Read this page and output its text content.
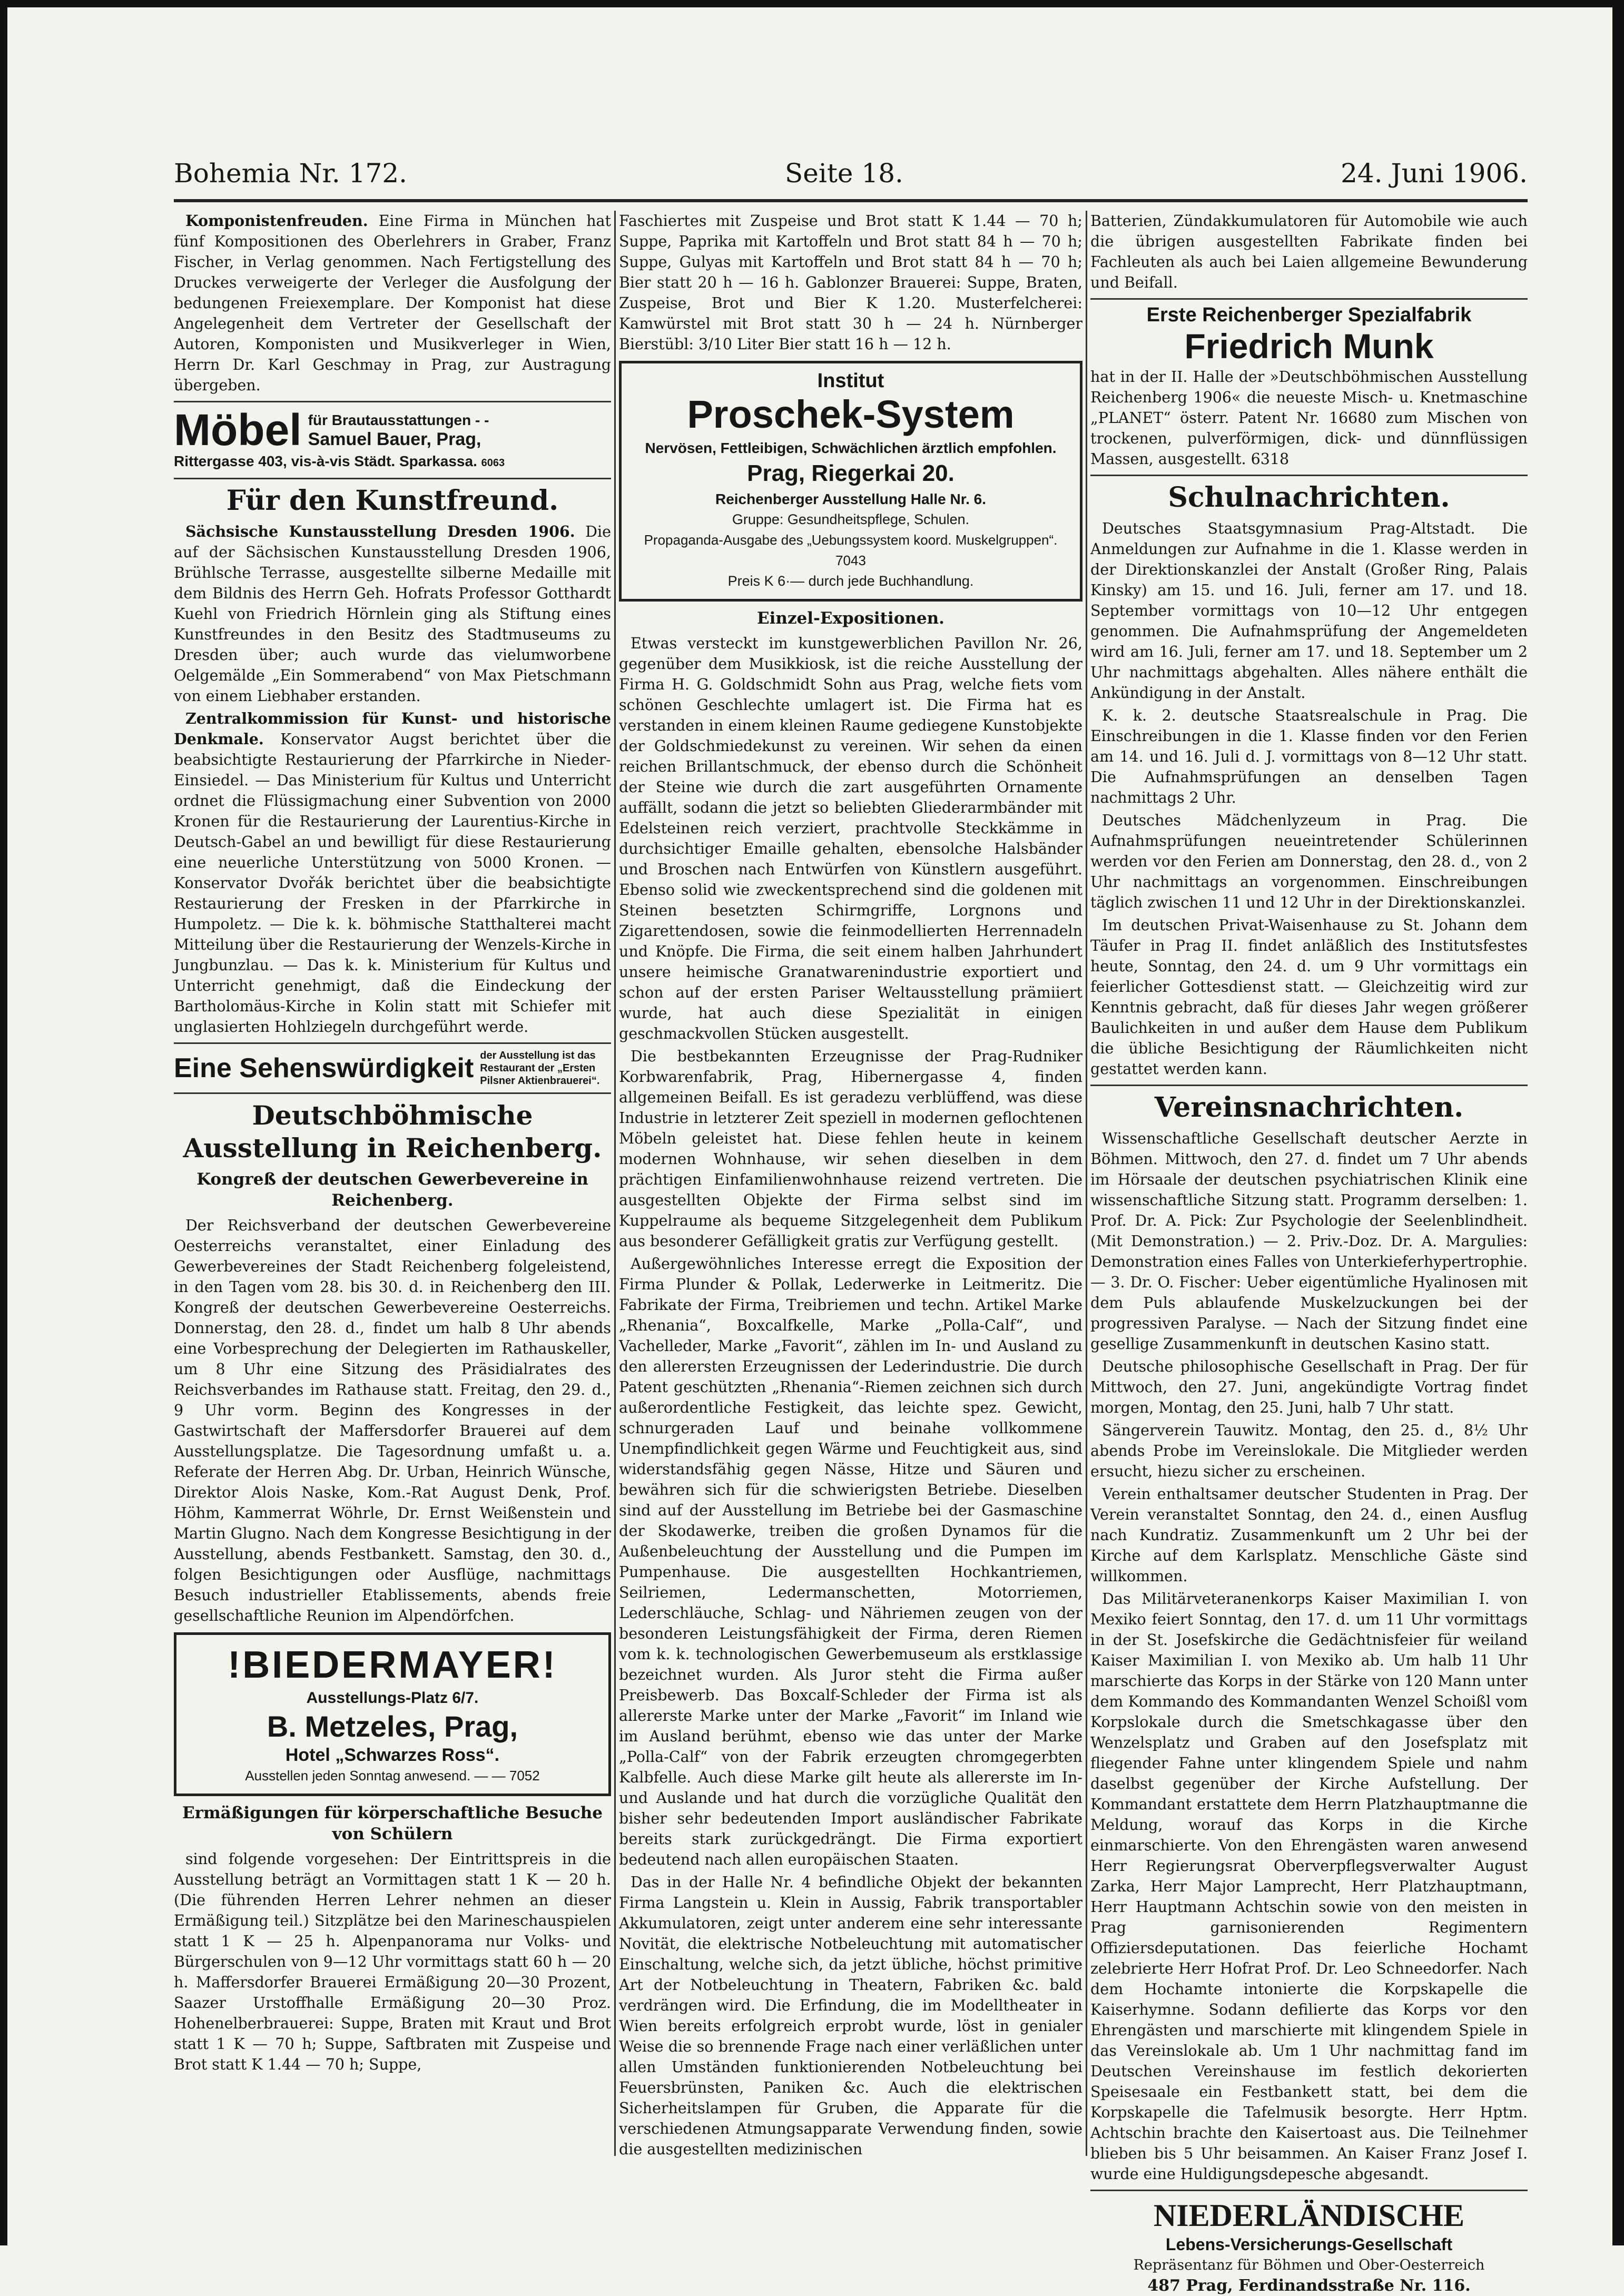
Bohemia Nr. 172.	Seite 18.	24. Juni 1906.

Komponistenfreuden. Eine Firma in München hat fünf Kompositionen des Oberlehrers in Graber, Franz Fischer, in Verlag genommen. Nach Fertigstellung des Druckes verweigerte der Verleger die Ausfolgung der bedungenen Freiexemplare. Der Komponist hat diese Angelegenheit dem Vertreter der Gesellschaft der Autoren, Komponisten und Musikverleger in Wien, Herrn Dr. Karl Geschmay in Prag, zur Austragung übergeben.

Möbel für Brautausstattungen - -
Samuel Bauer, Prag,
Rittergasse 403, vis-à-vis Städt. Sparkassa. 6063
Für den Kunstfreund.

Sächsische Kunstausstellung Dresden 1906. Die auf der Sächsischen Kunstausstellung Dresden 1906, Brühlsche Terrasse, ausgestellte silberne Medaille mit dem Bildnis des Herrn Geh. Hofrats Professor Gotthardt Kuehl von Friedrich Hörnlein ging als Stiftung eines Kunstfreundes in den Besitz des Stadtmuseums zu Dresden über; auch wurde das vielumworbene Oelgemälde „Ein Sommerabend“ von Max Pietschmann von einem Liebhaber erstanden.

Zentralkommission für Kunst- und historische Denkmale. Konservator Augst berichtet über die beabsichtigte Restaurierung der Pfarrkirche in Nieder-Einsiedel. — Das Ministerium für Kultus und Unterricht ordnet die Flüssigmachung einer Subvention von 2000 Kronen für die Restaurierung der Laurentius-Kirche in Deutsch-Gabel an und bewilligt für diese Restaurierung eine neuerliche Unterstützung von 5000 Kronen. — Konservator Dvořák berichtet über die beabsichtigte Restaurierung der Fresken in der Pfarrkirche in Humpoletz. — Die k. k. böhmische Statthalterei macht Mitteilung über die Restaurierung der Wenzels-Kirche in Jungbunzlau. — Das k. k. Ministerium für Kultus und Unterricht genehmigt, daß die Eindeckung der Bartholomäus-Kirche in Kolin statt mit Schiefer mit unglasierten Hohlziegeln durchgeführt werde.

Eine Sehenswürdigkeit der Ausstellung ist das Restaurant der „Ersten Pilsner Aktienbrauerei“.
Deutschböhmische Ausstellung in Reichenberg.
Kongreß der deutschen Gewerbevereine in Reichenberg.

Der Reichsverband der deutschen Gewerbevereine Oesterreichs veranstaltet, einer Einladung des Gewerbevereines der Stadt Reichenberg folgeleistend, in den Tagen vom 28. bis 30. d. in Reichenberg den III. Kongreß der deutschen Gewerbevereine Oesterreichs. Donnerstag, den 28. d., findet um halb 8 Uhr abends eine Vorbesprechung der Delegierten im Rathauskeller, um 8 Uhr eine Sitzung des Präsidialrates des Reichsverbandes im Rathause statt. Freitag, den 29. d., 9 Uhr vorm. Beginn des Kongresses in der Gastwirtschaft der Maffersdorfer Brauerei auf dem Ausstellungsplatze. Die Tagesordnung umfaßt u. a. Referate der Herren Abg. Dr. Urban, Heinrich Wünsche, Direktor Alois Naske, Kom.-Rat August Denk, Prof. Höhm, Kammerrat Wöhrle, Dr. Ernst Weißenstein und Martin Glugno. Nach dem Kongresse Besichtigung in der Ausstellung, abends Festbankett. Samstag, den 30. d., folgen Besichtigungen oder Ausflüge, nachmittags Besuch industrieller Etablissements, abends freie gesellschaftliche Reunion im Alpendörfchen.

!BIEDERMAYER!
Ausstellungs-Platz 6/7.
B. Metzeles, Prag,
Hotel „Schwarzes Ross“.
Ausstellen jeden Sonntag anwesend. — — 7052
Ermäßigungen für körperschaftliche Besuche von Schülern

sind folgende vorgesehen: Der Eintrittspreis in die Ausstellung beträgt an Vormittagen statt 1 K — 20 h. (Die führenden Herren Lehrer nehmen an dieser Ermäßigung teil.) Sitzplätze bei den Marineschauspielen statt 1 K — 25 h. Alpenpanorama nur Volks- und Bürgerschulen von 9—12 Uhr vormittags statt 60 h — 20 h. Maffersdorfer Brauerei Ermäßigung 20—30 Prozent, Saazer Urstoffhalle Ermäßigung 20—30 Proz. Hohenelberbrauerei: Suppe, Braten mit Kraut und Brot statt 1 K — 70 h; Suppe, Saftbraten mit Zuspeise und Brot statt K 1.44 — 70 h; Suppe,

Faschiertes mit Zuspeise und Brot statt K 1.44 — 70 h; Suppe, Paprika mit Kartoffeln und Brot statt 84 h — 70 h; Suppe, Gulyas mit Kartoffeln und Brot statt 84 h — 70 h; Bier statt 20 h — 16 h. Gablonzer Brauerei: Suppe, Braten, Zuspeise, Brot und Bier K 1.20. Musterfelcherei: Kamwürstel mit Brot statt 30 h — 24 h. Nürnberger Bierstübl: 3/10 Liter Bier statt 16 h — 12 h.

Institut
Proschek-System
Nervösen, Fettleibigen, Schwächlichen ärztlich empfohlen.
Prag, Riegerkai 20.
Reichenberger Ausstellung Halle Nr. 6.
Gruppe: Gesundheitspflege, Schulen.
Propaganda-Ausgabe des „Uebungssystem koord. Muskelgruppen“. 7043
Preis K 6·— durch jede Buchhandlung.
Einzel-Expositionen.

Etwas versteckt im kunstgewerblichen Pavillon Nr. 26, gegenüber dem Musikkiosk, ist die reiche Ausstellung der Firma H. G. Goldschmidt Sohn aus Prag, welche fiets vom schönen Geschlechte umlagert ist. Die Firma hat es verstanden in einem kleinen Raume gediegene Kunstobjekte der Goldschmiedekunst zu vereinen. Wir sehen da einen reichen Brillantschmuck, der ebenso durch die Schönheit der Steine wie durch die zart ausgeführten Ornamente auffällt, sodann die jetzt so beliebten Gliederarmbänder mit Edelsteinen reich verziert, prachtvolle Steckkämme in durchsichtiger Emaille gehalten, ebensolche Halsbänder und Broschen nach Entwürfen von Künstlern ausgeführt. Ebenso solid wie zweckentsprechend sind die goldenen mit Steinen besetzten Schirmgriffe, Lorgnons und Zigarettendosen, sowie die feinmodellierten Herrennadeln und Knöpfe. Die Firma, die seit einem halben Jahrhundert unsere heimische Granatwarenindustrie exportiert und schon auf der ersten Pariser Weltausstellung prämiiert wurde, hat auch diese Spezialität in einigen geschmackvollen Stücken ausgestellt.

Die bestbekannten Erzeugnisse der Prag-Rudniker Korbwarenfabrik, Prag, Hibernergasse 4, finden allgemeinen Beifall. Es ist geradezu verblüffend, was diese Industrie in letzterer Zeit speziell in modernen geflochtenen Möbeln geleistet hat. Diese fehlen heute in keinem modernen Wohnhause, wir sehen dieselben in dem prächtigen Einfamilienwohnhause reizend vertreten. Die ausgestellten Objekte der Firma selbst sind im Kuppelraume als bequeme Sitzgelegenheit dem Publikum aus besonderer Gefälligkeit gratis zur Verfügung gestellt.

Außergewöhnliches Interesse erregt die Exposition der Firma Plunder & Pollak, Lederwerke in Leitmeritz. Die Fabrikate der Firma, Treibriemen und techn. Artikel Marke „Rhenania“, Boxcalfkelle, Marke „Polla-Calf“, und Vachelleder, Marke „Favorit“, zählen im In- und Ausland zu den allerersten Erzeugnissen der Lederindustrie. Die durch Patent geschützten „Rhenania“-Riemen zeichnen sich durch außerordentliche Festigkeit, das leichte spez. Gewicht, schnurgeraden Lauf und beinahe vollkommene Unempfindlichkeit gegen Wärme und Feuchtigkeit aus, sind widerstandsfähig gegen Nässe, Hitze und Säuren und bewähren sich für die schwierigsten Betriebe. Dieselben sind auf der Ausstellung im Betriebe bei der Gasmaschine der Skodawerke, treiben die großen Dynamos für die Außenbeleuchtung der Ausstellung und die Pumpen im Pumpenhause. Die ausgestellten Hochkantriemen, Seilriemen, Ledermanschetten, Motorriemen, Lederschläuche, Schlag- und Nähriemen zeugen von der besonderen Leistungsfähigkeit der Firma, deren Riemen vom k. k. technologischen Gewerbemuseum als erstklassige bezeichnet wurden. Als Juror steht die Firma außer Preisbewerb. Das Boxcalf-Schleder der Firma ist als allererste Marke unter der Marke „Favorit“ im Inland wie im Ausland berühmt, ebenso wie das unter der Marke „Polla-Calf“ von der Fabrik erzeugten chromgegerbten Kalbfelle. Auch diese Marke gilt heute als allererste im In- und Auslande und hat durch die vorzügliche Qualität den bisher sehr bedeutenden Import ausländischer Fabrikate bereits stark zurückgedrängt. Die Firma exportiert bedeutend nach allen europäischen Staaten.

Das in der Halle Nr. 4 befindliche Objekt der bekannten Firma Langstein u. Klein in Aussig, Fabrik transportabler Akkumulatoren, zeigt unter anderem eine sehr interessante Novität, die elektrische Notbeleuchtung mit automatischer Einschaltung, welche sich, da jetzt übliche, höchst primitive Art der Notbeleuchtung in Theatern, Fabriken &c. bald verdrängen wird. Die Erfindung, die im Modelltheater in Wien bereits erfolgreich erprobt wurde, löst in genialer Weise die so brennende Frage nach einer verläßlichen unter allen Umständen funktionierenden Notbeleuchtung bei Feuersbrünsten, Paniken &c. Auch die elektrischen Sicherheitslampen für Gruben, die Apparate für die verschiedenen Atmungsapparate Verwendung finden, sowie die ausgestellten medizinischen

Batterien, Zündakkumulatoren für Automobile wie auch die übrigen ausgestellten Fabrikate finden bei Fachleuten als auch bei Laien allgemeine Bewunderung und Beifall.

Erste Reichenberger Spezialfabrik
Friedrich Munk

hat in der II. Halle der »Deutschböhmischen Ausstellung Reichenberg 1906« die neueste Misch- u. Knetmaschine „PLANET“ österr. Patent Nr. 16680 zum Mischen von trockenen, pulverförmigen, dick- und dünnflüssigen Massen, ausgestellt. 6318

Schulnachrichten.

Deutsches Staatsgymnasium Prag-Altstadt. Die Anmeldungen zur Aufnahme in die 1. Klasse werden in der Direktionskanzlei der Anstalt (Großer Ring, Palais Kinsky) am 15. und 16. Juli, ferner am 17. und 18. September vormittags von 10—12 Uhr entgegen genommen. Die Aufnahmsprüfung der Angemeldeten wird am 16. Juli, ferner am 17. und 18. September um 2 Uhr nachmittags abgehalten. Alles nähere enthält die Ankündigung in der Anstalt.

K. k. 2. deutsche Staatsrealschule in Prag. Die Einschreibungen in die 1. Klasse finden vor den Ferien am 14. und 16. Juli d. J. vormittags von 8—12 Uhr statt. Die Aufnahmsprüfungen an denselben Tagen nachmittags 2 Uhr.

Deutsches Mädchenlyzeum in Prag. Die Aufnahmsprüfungen neueintretender Schülerinnen werden vor den Ferien am Donnerstag, den 28. d., von 2 Uhr nachmittags an vorgenommen. Einschreibungen täglich zwischen 11 und 12 Uhr in der Direktionskanzlei.

Im deutschen Privat-Waisenhause zu St. Johann dem Täufer in Prag II. findet anläßlich des Institutsfestes heute, Sonntag, den 24. d. um 9 Uhr vormittags ein feierlicher Gottesdienst statt. — Gleichzeitig wird zur Kenntnis gebracht, daß für dieses Jahr wegen größerer Baulichkeiten in und außer dem Hause dem Publikum die übliche Besichtigung der Räumlichkeiten nicht gestattet werden kann.

Vereinsnachrichten.

Wissenschaftliche Gesellschaft deutscher Aerzte in Böhmen. Mittwoch, den 27. d. findet um 7 Uhr abends im Hörsaale der deutschen psychiatrischen Klinik eine wissenschaftliche Sitzung statt. Programm derselben: 1. Prof. Dr. A. Pick: Zur Psychologie der Seelenblindheit. (Mit Demonstration.) — 2. Priv.-Doz. Dr. A. Margulies: Demonstration eines Falles von Unterkieferhypertrophie. — 3. Dr. O. Fischer: Ueber eigentümliche Hyalinosen mit dem Puls ablaufende Muskelzuckungen bei der progressiven Paralyse. — Nach der Sitzung findet eine gesellige Zusammenkunft in deutschen Kasino statt.

Deutsche philosophische Gesellschaft in Prag. Der für Mittwoch, den 27. Juni, angekündigte Vortrag findet morgen, Montag, den 25. Juni, halb 7 Uhr statt.

Sängerverein Tauwitz. Montag, den 25. d., 8½ Uhr abends Probe im Vereinslokale. Die Mitglieder werden ersucht, hiezu sicher zu erscheinen.

Verein enthaltsamer deutscher Studenten in Prag. Der Verein veranstaltet Sonntag, den 24. d., einen Ausflug nach Kundratiz. Zusammenkunft um 2 Uhr bei der Kirche auf dem Karlsplatz. Menschliche Gäste sind willkommen.

Das Militärveteranenkorps Kaiser Maximilian I. von Mexiko feiert Sonntag, den 17. d. um 11 Uhr vormittags in der St. Josefskirche die Gedächtnisfeier für weiland Kaiser Maximilian I. von Mexiko ab. Um halb 11 Uhr marschierte das Korps in der Stärke von 120 Mann unter dem Kommando des Kommandanten Wenzel Schoißl vom Korpslokale durch die Smetschkagasse über den Wenzelsplatz und Graben auf den Josefsplatz mit fliegender Fahne unter klingendem Spiele und nahm daselbst gegenüber der Kirche Aufstellung. Der Kommandant erstattete dem Herrn Platzhauptmanne die Meldung, worauf das Korps in die Kirche einmarschierte. Von den Ehrengästen waren anwesend Herr Regierungsrat Oberverpflegsverwalter August Zarka, Herr Major Lamprecht, Herr Platzhauptmann, Herr Hauptmann Achtschin sowie von den meisten in Prag garnisonierenden Regimentern Offiziersdeputationen. Das feierliche Hochamt zelebrierte Herr Hofrat Prof. Dr. Leo Schneedorfer. Nach dem Hochamte intonierte die Korpskapelle die Kaiserhymne. Sodann defilierte das Korps vor den Ehrengästen und marschierte mit klingendem Spiele in das Vereinslokale ab. Um 1 Uhr nachmittag fand im Deutschen Vereinshause im festlich dekorierten Speisesaale ein Festbankett statt, bei dem die Korpskapelle die Tafelmusik besorgte. Herr Hptm. Achtschin brachte den Kaisertoast aus. Die Teilnehmer blieben bis 5 Uhr beisammen. An Kaiser Franz Josef I. wurde eine Huldigungsdepesche abgesandt.

NIEDERLÄNDISCHE
Lebens-Versicherungs-Gesellschaft
Repräsentanz für Böhmen und Ober-Oesterreich
487 Prag, Ferdinandsstraße Nr. 116.
